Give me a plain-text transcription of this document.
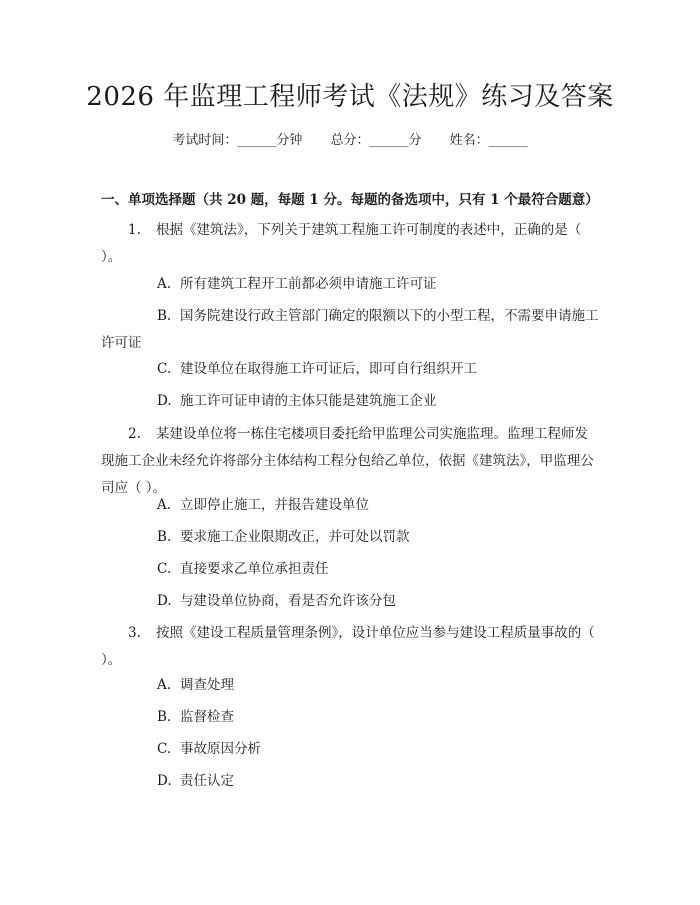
2026 年监理工程师考试《法规》练习及答案
考试时间：______分钟 总分：______分 姓名：______
一、单项选择题（共 20 题，每题 1 分。每题的备选项中，只有 1 个最符合题意）
1. 根据《建筑法》，下列关于建筑工程施工许可制度的表述中，正确的是（ ）。
A. 所有建筑工程开工前都必须申请施工许可证
B. 国务院建设行政主管部门确定的限额以下的小型工程，不需要申请施工许可证
C. 建设单位在取得施工许可证后，即可自行组织开工
D. 施工许可证申请的主体只能是建筑施工企业
2. 某建设单位将一栋住宅楼项目委托给甲监理公司实施监理。监理工程师发现施工企业未经允许将部分主体结构工程分包给乙单位，依据《建筑法》，甲监理公司应（ ）。
A. 立即停止施工，并报告建设单位
B. 要求施工企业限期改正，并可处以罚款
C. 直接要求乙单位承担责任
D. 与建设单位协商，看是否允许该分包
3. 按照《建设工程质量管理条例》，设计单位应当参与建设工程质量事故的（ ）。
A. 调查处理
B. 监督检查
C. 事故原因分析
D. 责任认定
